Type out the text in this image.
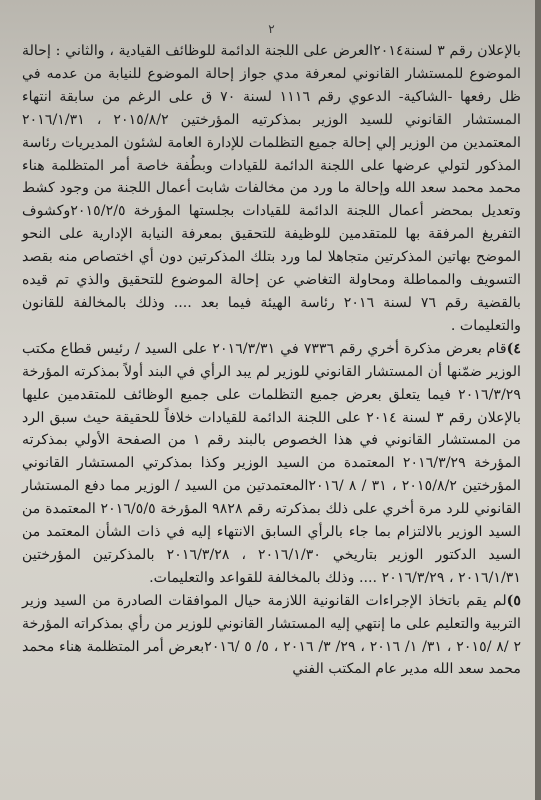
٢

بالإعلان رقم ٣ لسنة٢٠١٤العرض على اللجنة الدائمة للوظائف القيادية ، والثاني : إحالة الموضوع للمستشار القانوني لمعرفة مدي جواز إحالة الموضوع للنيابة من عدمه في ظل رفعها -الشاكية- الدعوي رقم ١١١٦ لسنة ٧٠ ق على الرغم من سابقة انتهاء المستشار القانوني للسيد الوزير بمذكرتيه المؤرختين ٢٠١٥/٨/٢ ، ٢٠١٦/١/٣١ المعتمدين من الوزير إلي إحالة جميع التظلمات للإدارة العامة لشئون المديريات رئاسة المذكور لتولي عرضها على اللجنة الدائمة للقيادات وبطُفة خاصة أمر المتظلمة هناء محمد محمد سعد الله وإحالة ما ورد من مخالفات شابت أعمال اللجنة من وجود كشط وتعديل بمحضر أعمال اللجنة الدائمة للقيادات بجلستها المؤرخة ٢٠١٥/٢/٥وكشوف التفريغ المرفقة بها للمتقدمين للوظيفة للتحقيق بمعرفة النيابة الإدارية على النحو الموضح بهاتين المذكرتين متجاهلا لما ورد بتلك المذكرتين دون أي اختصاص منه بقصد التسويف والمماطلة ومحاولة التغاضي عن إحالة الموضوع للتحقيق والذي تم قيده بالقضية رقم ٧٦ لسنة ٢٠١٦ رئاسة الهيئة فيما بعد .... وذلك بالمخالفة للقانون والتعليمات .

٤)قام بعرض مذكرة أخري رقم ٧٣٣٦ في ٢٠١٦/٣/٣١ على السيد / رئيس قطاع مكتب الوزير ضمّنها أن المستشار القانوني للوزير لم يبد الرأي في البند أولاً بمذكرته المؤرخة ٢٠١٦/٣/٢٩ فيما يتعلق بعرض جميع التظلمات على جميع الوظائف للمتقدمين عليها بالإعلان رقم ٣ لسنة ٢٠١٤ على اللجنة الدائمة للقيادات خلافاً للحقيقة حيث سبق الرد من المستشار القانوني في هذا الخصوص بالبند رقم ١ من الصفحة الأولي بمذكرته المؤرخة ٢٠١٦/٣/٢٩ المعتمدة من السيد الوزير وكذا بمذكرتي المستشار القانوني المؤرختين ٢٠١٥/٨/٢ ، ٣١ / ٨ /٢٠١٦المعتمدتين من السيد / الوزير مما دفع المستشار القانوني للرد مرة أخري على ذلك بمذكرته رقم ٩٨٢٨ المؤرخة ٢٠١٦/٥/٥ المعتمدة من السيد الوزير بالالتزام بما جاء بالرأي السابق الانتهاء إليه في ذات الشأن المعتمد من السيد الدكتور الوزير بتاريخي ٢٠١٦/١/٣٠ ، ٢٠١٦/٣/٢٨ بالمذكرتين المؤرختين ٢٠١٦/١/٣١ ، ٢٠١٦/٣/٢٩ .... وذلك بالمخالفة للقواعد والتعليمات.

٥)لم يقم باتخاذ الإجراءات القانونية اللازمة حيال الموافقات الصادرة من السيد وزير التربية والتعليم على ما إنتهي إليه المستشار القانوني للوزير من رأي بمذكراته المؤرخة ٢ /٨ /٢٠١٥ ، ٣١/ ١/ ٢٠١٦ ، ٢٩/ ٣/ ٢٠١٦ ، ٥/ ٥ /٢٠١٦بعرض أمر المتظلمة هناء محمد محمد سعد الله مدير عام المكتب الفني
